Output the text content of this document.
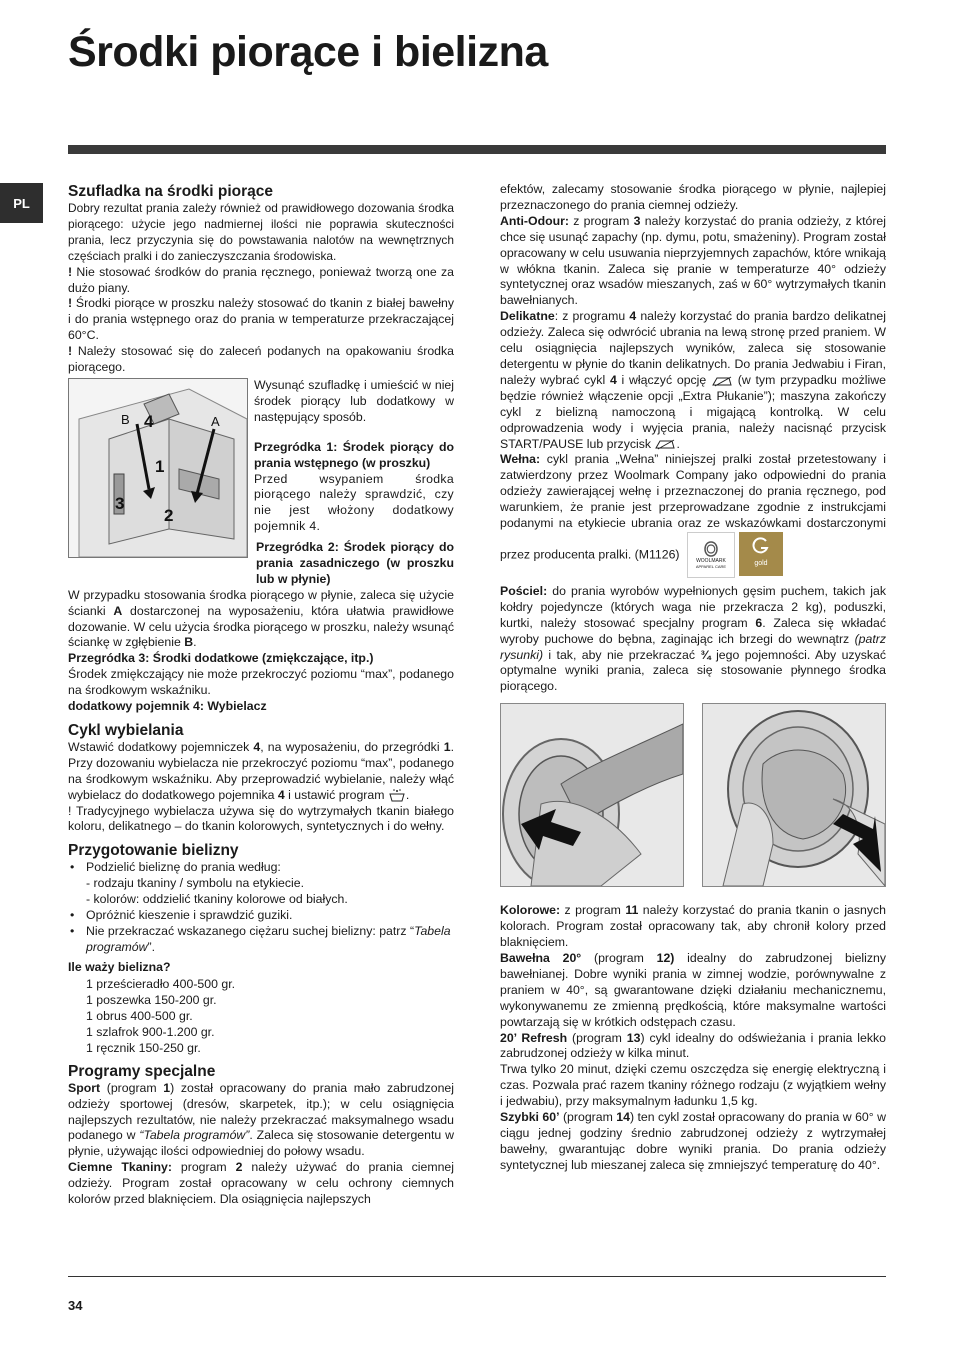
Środki piorące i bielizna
PL
Szufladka na środki piorące

Dobry rezultat prania zależy również od prawidłowego dozowania środka piorącego: użycie jego nadmiernej ilości nie poprawia skuteczności prania, lecz przyczynia się do powstawania nalotów na wewnętrznych częściach pralki i do zanieczyszczania środowiska.

! Nie stosować środków do prania ręcznego, ponieważ tworzą one za dużo piany.

! Środki piorące w proszku należy stosować do tkanin z białej bawełny i do prania wstępnego oraz do prania w temperaturze przekraczającej 60°C.

! Należy stosować się do zaleceń podanych na opakowaniu środka piorącego.

B 4	A
1
3
2

Wysunąć szufladkę i umieścić w niej środek piorący lub dodatkowy w następujący sposób.

Przegródka 1: Środek piorący do prania wstępnego (w proszku)

Przed wsypaniem środka piorącego należy sprawdzić, czy nie jest włożony dodatkowy pojemnik 4.

Przegródka 2: Środek piorący do prania zasadniczego (w proszku lub w płynie)

W przypadku stosowania środka piorącego w płynie, zaleca się użycie ścianki A dostarczonej na wyposażeniu, która ułatwia prawidłowe dozowanie. W celu użycia środka piorącego w proszku, należy wsunąć ściankę w zgłębienie B.

Przegródka 3: Środki dodatkowe (zmiękczające, itp.)

Środek zmiękczający nie może przekroczyć poziomu “max”, podanego na środkowym wskaźniku.

dodatkowy pojemnik 4: Wybielacz

Cykl wybielania

Wstawić dodatkowy pojemniczek 4, na wyposażeniu, do przegródki 1. Przy dozowaniu wybielacza nie przekroczyć poziomu “max”, podanego na środkowym wskaźniku. Aby przeprowadzić wybielanie, należy włąć wybielacz do dodatkowego pojemnika 4 i ustawić program .

! Tradycyjnego wybielacza używa się do wytrzymałych tkanin białego koloru, delikatnego – do tkanin kolorowych, syntetycznych i do wełny.

Przygotowanie bielizny
• Podzielić bieliznę do prania według:
- rodzaju tkaniny / symbolu na etykiecie.
- kolorów: oddzielić tkaniny kolorowe od białych.
• Opróżnić kieszenie i sprawdzić guziki.
• Nie przekraczać wskazanego ciężaru suchej bielizny: patrz “Tabela programów”.

Ile waży bielizna?

1 prześcieradło 400-500 gr.
1 poszewka 150-200 gr.
1 obrus 400-500 gr.
1 szlafrok 900-1.200 gr.
1 ręcznik 150-250 gr.
Programy specjalne

Sport (program 1) został opracowany do prania mało zabrudzonej odzieży sportowej (dresów, skarpetek, itp.); w celu osiągnięcia najlepszych rezultatów, nie należy przekraczać maksymalnego wsadu podanego w “Tabela programów”. Zaleca się stosowanie detergentu w płynie, używając ilości odpowiedniej do połowy wsadu.

Ciemne Tkaniny: program 2 należy używać do prania ciemnej odzieży. Program został opracowany w celu ochrony ciemnych kolorów przed blaknięciem. Dla osiągnięcia najlepszych

efektów, zalecamy stosowanie środka piorącego w płynie, najlepiej przeznaczonego do prania ciemnej odzieży.

Anti-Odour: z program 3 należy korzystać do prania odzieży, z której chce się usunąć zapachy (np. dymu, potu, smażeniny). Program został opracowany w celu usuwania nieprzyjemnych zapachów, które wnikają w włókna tkanin. Zaleca się pranie w temperaturze 40° odzieży syntetycznej oraz wsadów mieszanych, zaś w 60° wytrzymałych tkanin bawełnianych.

Delikatne: z programu 4 należy korzystać do prania bardzo delikatnej odzieży. Zaleca się odwrócić ubrania na lewą stronę przed praniem. W celu osiągnięcia najlepszych wyników, zaleca się stosowanie detergentu w płynie do tkanin delikatnych. Do prania Jedwabiu i Firan, należy wybrać cykl 4 i włączyć opcję  (w tym przypadku możliwe będzie również włączenie opcji „Extra Płukanie”); maszyna zakończy cykl z bielizną namoczoną i migającą kontrolką. W celu odprowadzenia wody i wyjęcia prania, należy nacisnąć przycisk START/PAUSE lub przycisk .

Wełna: cykl prania „Wełna” niniejszej pralki został przetestowany i zatwierdzony przez Woolmark Company jako odpowiedni do prania odzieży zawierającej wełnę i przeznaczonej do prania ręcznego, pod warunkiem, że pranie jest przeprowadzane zgodnie z instrukcjami podanymi na etykiecie ubrania oraz ze wskazówkami dostarczonymi przez producenta pralki. (M1126)
WOOLMARK
APPAREL CARE	gold

Pościel: do prania wyrobów wypełnionych gęsim puchem, takich jak kołdry pojedyncze (których waga nie przekracza 2 kg), poduszki, kurtki, należy stosować specjalny program 6. Zaleca się wkładać wyroby puchowe do bębna, zaginając ich brzegi do wewnątrz (patrz rysunki) i tak, aby nie przekraczać ¾ jego pojemności. Aby uzyskać optymalne wyniki prania, zaleca się stosowanie płynnego środka piorącego.

Kolorowe: z program 11 należy korzystać do prania tkanin o jasnych kolorach. Program został opracowany tak, aby chronił kolory przed blaknięciem.

Bawełna 20° (program 12) idealny do zabrudzonej bielizny bawełnianej. Dobre wyniki prania w zimnej wodzie, porównywalne z praniem w 40°, są gwarantowane dzięki działaniu mechanicznemu, wykonywanemu ze zmienną prędkością, które maksymalne wartości powtarzają się w krótkich odstępach czasu.

20’ Refresh (program 13) cykl idealny do odświeżania i prania lekko zabrudzonej odzieży w kilka minut.

Trwa tylko 20 minut, dzięki czemu oszczędza się energię elektryczną i czas. Pozwala prać razem tkaniny różnego rodzaju (z wyjątkiem wełny i jedwabiu), przy maksymalnym ładunku 1,5 kg.

Szybki 60’ (program 14) ten cykl został opracowany do prania w 60° w ciągu jednej godziny średnio zabrudzonej odzieży z wytrzymałej bawełny, gwarantując dobre wyniki prania. Do prania odzieży syntetycznej lub mieszanej zaleca się zmniejszyć temperaturę do 40°.

34
